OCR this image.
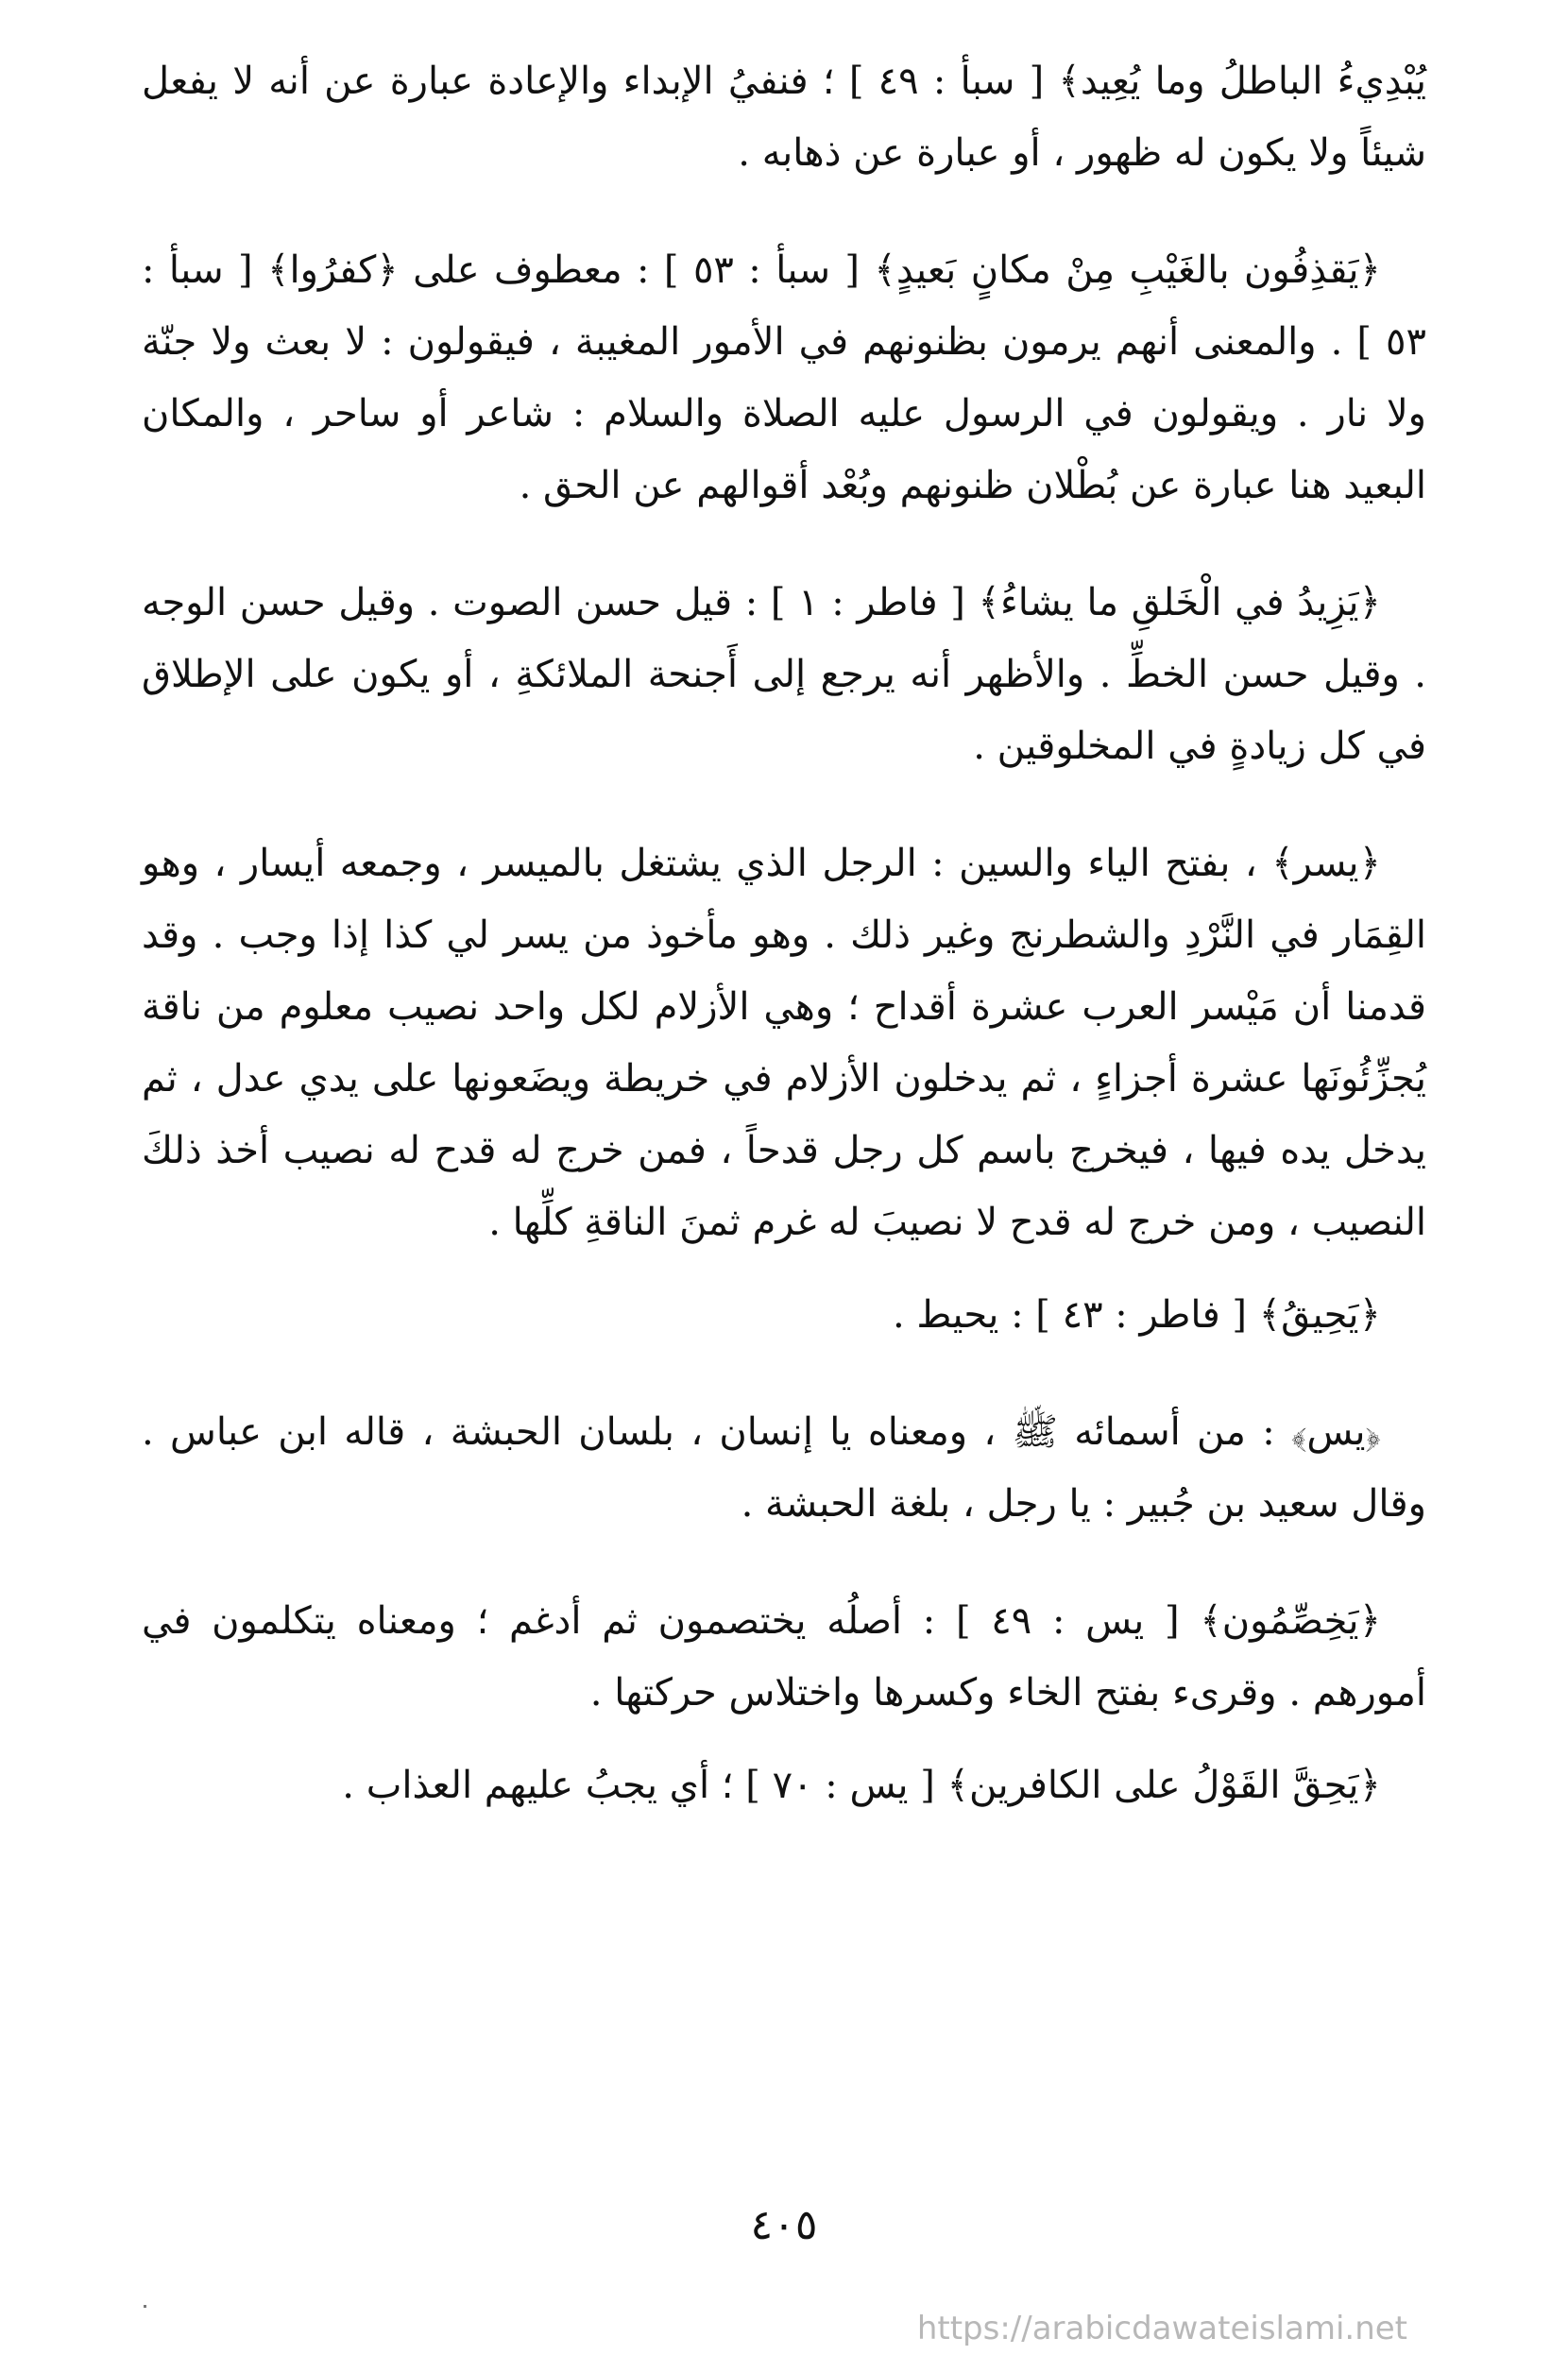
يُبْدِيءُ الباطلُ وما يُعِيد﴾ [ سبأ : ٤٩ ] ؛ فنفيُ الإبداء والإعادة عبارة عن أنه لا يفعل شيئاً ولا يكون له ظهور ، أو عبارة عن ذهابه .

﴿يَقذِفُون بالغَيْبِ مِنْ مكانٍ بَعيدٍ﴾ [ سبأ : ٥٣ ] : معطوف على ﴿كفرُوا﴾ [ سبأ : ٥٣ ] . والمعنى أنهم يرمون بظنونهم في الأمور المغيبة ، فيقولون : لا بعث ولا جنّة ولا نار . ويقولون في الرسول عليه الصلاة والسلام : شاعر أو ساحر ، والمكان البعيد هنا عبارة عن بُطْلان ظنونهم وبُعْد أقوالهم عن الحق .

﴿يَزِيدُ في الْخَلقِ ما يشاءُ﴾ [ فاطر : ١ ] : قيل حسن الصوت . وقيل حسن الوجه . وقيل حسن الخطِّ . والأظهر أنه يرجع إلى أَجنحة الملائكةِ ، أو يكون على الإطلاق في كل زيادةٍ في المخلوقين .

﴿يسر﴾ ، بفتح الياء والسين : الرجل الذي يشتغل بالميسر ، وجمعه أيسار ، وهو القِمَار في النَّرْدِ والشطرنج وغير ذلك . وهو مأخوذ من يسر لي كذا إذا وجب . وقد قدمنا أن مَيْسر العرب عشرة أقداح ؛ وهي الأزلام لكل واحد نصيب معلوم من ناقة يُجزِّئُونَها عشرة أجزاءٍ ، ثم يدخلون الأزلام في خريطة ويضَعونها على يدي عدل ، ثم يدخل يده فيها ، فيخرج باسم كل رجل قدحاً ، فمن خرج له قدح له نصيب أخذ ذلكَ النصيب ، ومن خرج له قدح لا نصيبَ له غرم ثمنَ الناقةِ كلِّها .

﴿يَحِيقُ﴾ [ فاطر : ٤٣ ] : يحيط .

﴿يس﴾ : من أسمائه ﷺ ، ومعناه يا إنسان ، بلسان الحبشة ، قاله ابن عباس . وقال سعيد بن جُبير : يا رجل ، بلغة الحبشة .

﴿يَخِصِّمُون﴾ [ يس : ٤٩ ] : أصلُه يختصمون ثم أدغم ؛ ومعناه يتكلمون في أمورهم . وقرىء بفتح الخاء وكسرها واختلاس حركتها .

﴿يَحِقَّ القَوْلُ على الكافرين﴾ [ يس : ٧٠ ] ؛ أي يجبُ عليهم العذاب .

٤٠٥
https://arabicdawateislami.net
